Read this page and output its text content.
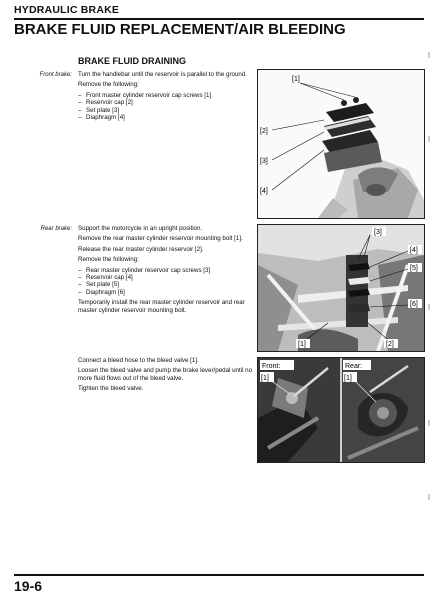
HYDRAULIC BRAKE
BRAKE FLUID REPLACEMENT/AIR BLEEDING
BRAKE FLUID DRAINING
Front brake: Turn the handlebar until the reservoir is parallel to the ground.

Remove the following:

– Front master cylinder reservoir cap screws [1]
– Reservoir cap [2]
– Set plate [3]
– Diaphragm [4]
[1]
[2]
[3]
[4]
Rear brake: Support the motorcycle in an upright position.

Remove the rear master cylinder reservoir mounting bolt [1].

Release the rear master cylinder reservoir [2].

Remove the following:

– Rear master cylinder reservoir cap screws [3]
– Reservoir cap [4]
– Set plate [5]
– Diaphragm [6]

Temporarily install the rear master cylinder reservoir and rear master cylinder reservoir mounting bolt.

[3]
[4]
[5]
[6]
[1]	[2]

Connect a bleed hose to the bleed valve [1].

Loosen the bleed valve and pump the brake lever/pedal until no more fluid flows out of the bleed valve.

Tighten the bleed valve.

Front:	Rear:
[1]	[1]
19-6
